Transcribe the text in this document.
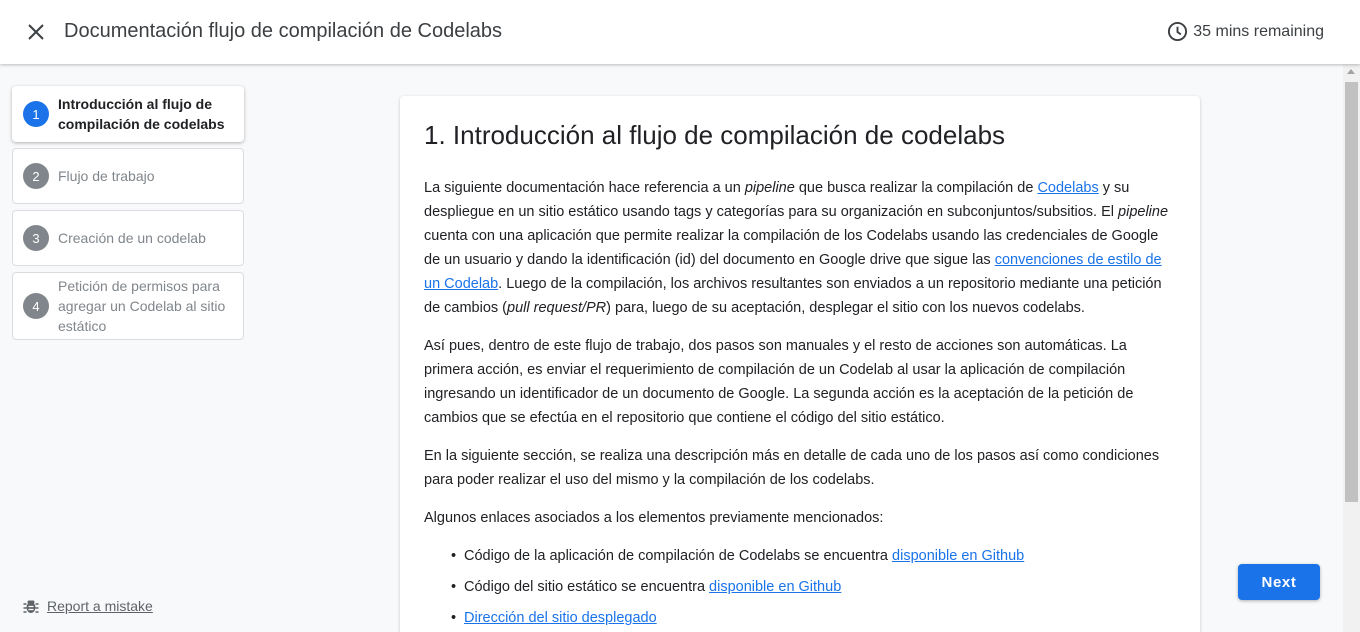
Documentación flujo de compilación de Codelabs	35 mins remaining
1
Introducción al flujo de compilación de codelabs
2	Flujo de trabajo
3	Creación de un codelab
4
Petición de permisos para agregar un Codelab al sitio estático
Report a mistake
1. Introducción al flujo de compilación de codelabs

La siguiente documentación hace referencia a un pipeline que busca realizar la compilación de Codelabs y su despliegue en un sitio estático usando tags y categorías para su organización en subconjuntos/subsitios. El pipeline cuenta con una aplicación que permite realizar la compilación de los Codelabs usando las credenciales de Google de un usuario y dando la identificación (id) del documento en Google drive que sigue las convenciones de estilo de un Codelab. Luego de la compilación, los archivos resultantes son enviados a un repositorio mediante una petición de cambios (pull request/PR) para, luego de su aceptación, desplegar el sitio con los nuevos codelabs.

Así pues, dentro de este flujo de trabajo, dos pasos son manuales y el resto de acciones son automáticas. La primera acción, es enviar el requerimiento de compilación de un Codelab al usar la aplicación de compilación ingresando un identificador de un documento de Google. La segunda acción es la aceptación de la petición de cambios que se efectúa en el repositorio que contiene el código del sitio estático.

En la siguiente sección, se realiza una descripción más en detalle de cada uno de los pasos así como condiciones para poder realizar el uso del mismo y la compilación de los codelabs.

Algunos enlaces asociados a los elementos previamente mencionados:

• Código de la aplicación de compilación de Codelabs se encuentra disponible en Github
• Código del sitio estático se encuentra disponible en Github
• Dirección del sitio desplegado
Next
